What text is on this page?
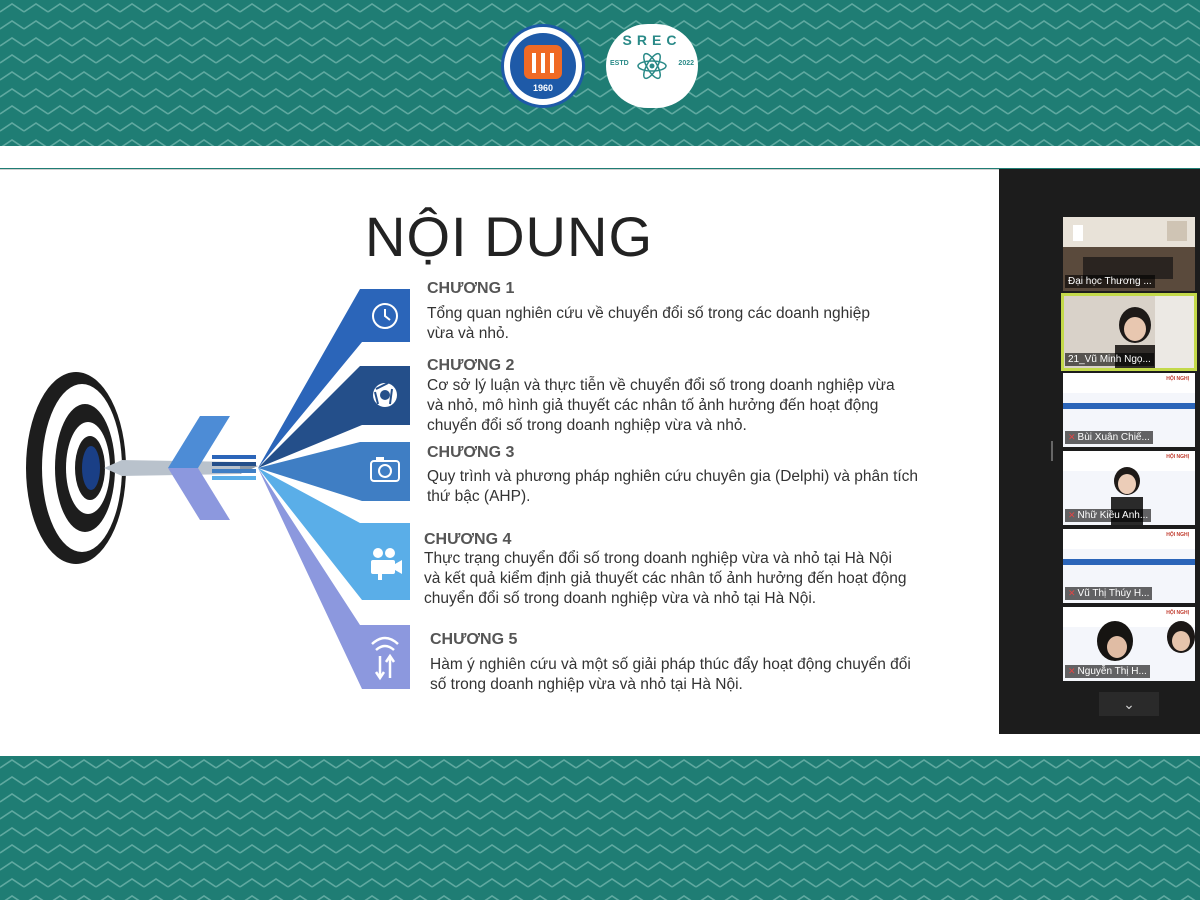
1960
SREC
ESTD	2022
NỘI DUNG
CHƯƠNG 1
Tổng quan nghiên cứu về chuyển đổi số trong các doanh nghiệp
vừa và nhỏ.
CHƯƠNG 2
Cơ sở lý luận và thực tiễn về chuyển đổi số trong doanh nghiệp vừa
và nhỏ, mô hình giả thuyết các nhân tố ảnh hưởng đến hoạt động
chuyển đổi số trong doanh nghiệp vừa và nhỏ.
CHƯƠNG 3
Quy trình và phương pháp nghiên cứu chuyên gia (Delphi) và phân tích
thứ bậc (AHP).
CHƯƠNG 4
Thực trạng chuyển đổi số trong doanh nghiệp vừa và nhỏ tại Hà Nội
và kết quả kiểm định giả thuyết các nhân tố ảnh hưởng đến hoạt động
chuyển đổi số trong doanh nghiệp vừa và nhỏ tại Hà Nội.
CHƯƠNG 5
Hàm ý nghiên cứu và một số giải pháp thúc đẩy hoạt động chuyển đổi
số trong doanh nghiệp vừa và nhỏ tại Hà Nội.
Đại học Thương ...
21_Vũ Minh Ngọ...
HỘI NGHỊ
✕ Bùi Xuân Chiế...
HỘI NGHỊ
✕ Nhữ Kiều Anh...
HỘI NGHỊ
✕ Vũ Thị Thúy H...
HỘI NGHỊ
✕ Nguyễn Thị H...
⌄
